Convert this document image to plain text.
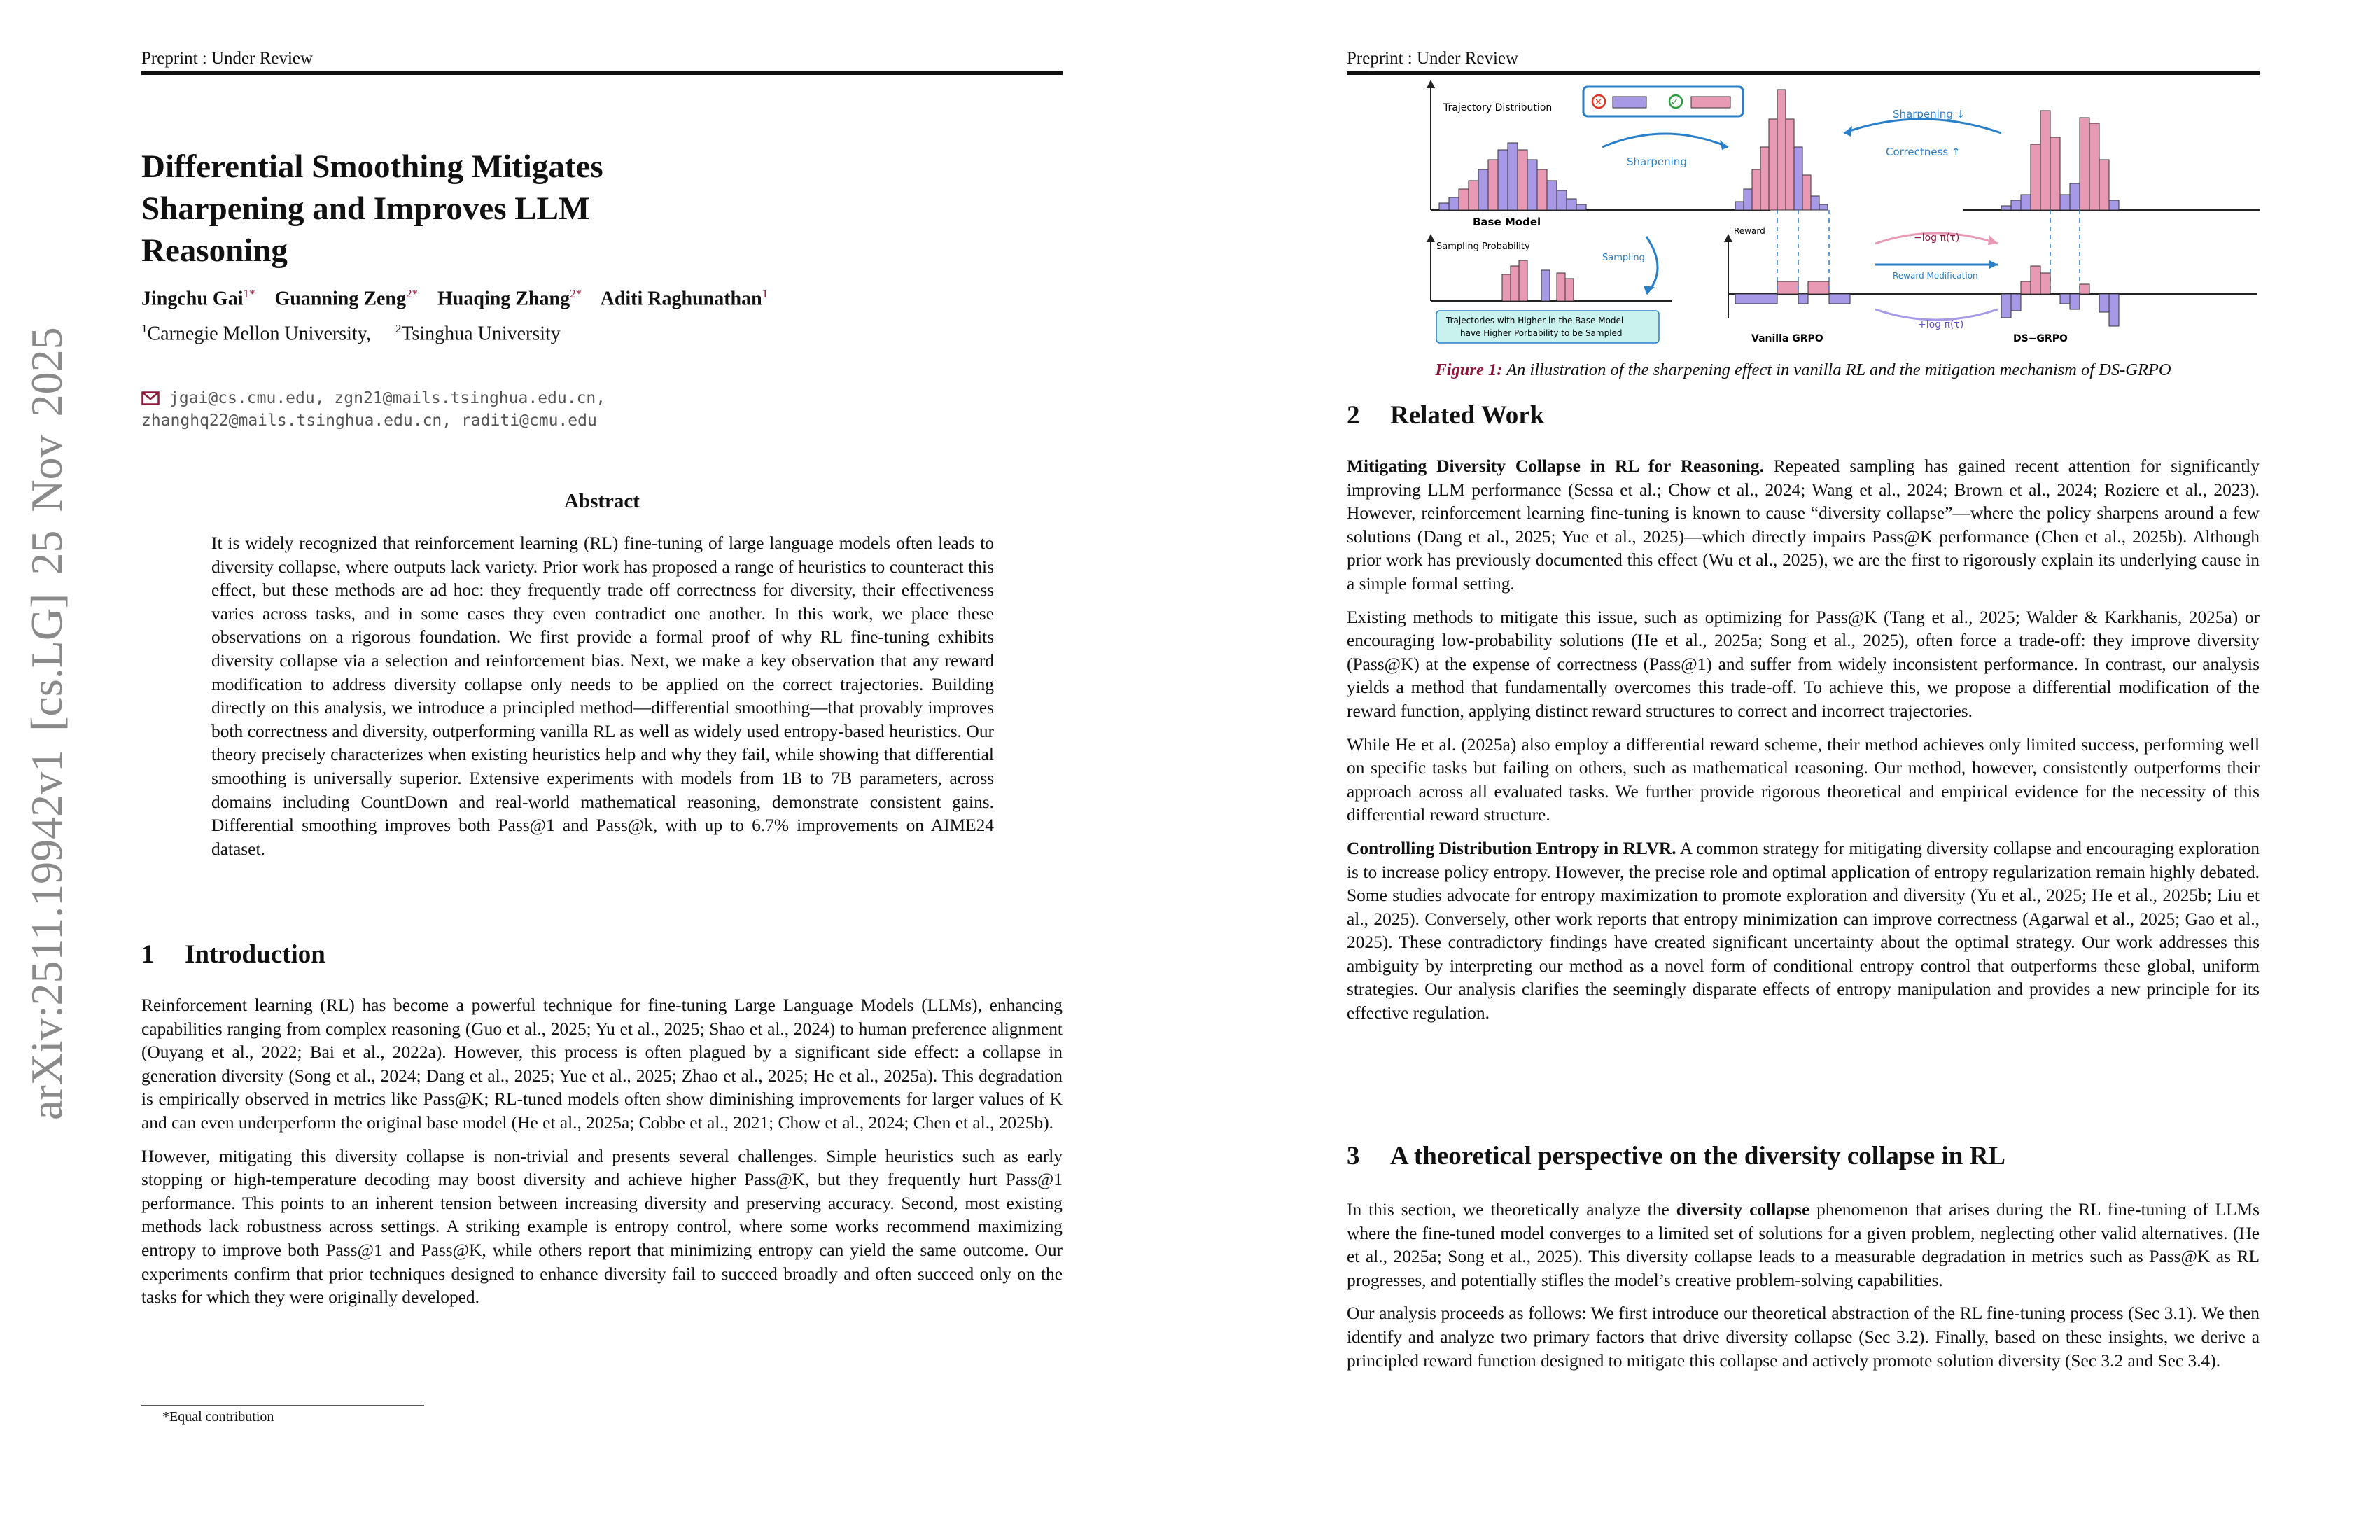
arXiv:2511.19942v1 [cs.LG] 25 Nov 2025
Preprint : Under Review
Differential Smoothing Mitigates
Sharpening and Improves LLM
Reasoning
Jingchu Gai$^{1*}$ Guanning Zeng$^{2*}$ Huaqing Zhang$^{2*}$ Aditi Raghunathan$^1$
$^1$Carnegie Mellon University, $^2$Tsinghua University
jgai@cs.cmu.edu, zgn21@mails.tsinghua.edu.cn,
zhanghq22@mails.tsinghua.edu.cn, raditi@cmu.edu
Abstract

It is widely recognized that reinforcement learning (RL) fine-tuning of large language models often leads to diversity collapse, where outputs lack variety. Prior work has proposed a range of heuristics to counteract this effect, but these methods are ad hoc: they frequently trade off correctness for diversity, their effectiveness varies across tasks, and in some cases they even contradict one another. In this work, we place these observations on a rigorous foundation. We first provide a formal proof of why RL fine-tuning exhibits diversity collapse via a selection and reinforcement bias. Next, we make a key observation that any reward modification to address diversity collapse only needs to be applied on the correct trajectories. Building directly on this analysis, we introduce a principled method—differential smoothing—that provably improves both correctness and diversity, outperforming vanilla RL as well as widely used entropy-based heuristics. Our theory precisely characterizes when existing heuristics help and why they fail, while showing that differential smoothing is universally superior. Extensive experiments with models from 1B to 7B parameters, across domains including CountDown and real-world mathematical reasoning, demonstrate consistent gains. Differential smoothing improves both Pass@1 and Pass@k, with up to 6.7% improvements on AIME24 dataset.

1 Introduction

Reinforcement learning (RL) has become a powerful technique for fine-tuning Large Language Models (LLMs), enhancing capabilities ranging from complex reasoning (Guo et al., 2025; Yu et al., 2025; Shao et al., 2024) to human preference alignment (Ouyang et al., 2022; Bai et al., 2022a). However, this process is often plagued by a significant side effect: a collapse in generation diversity (Song et al., 2024; Dang et al., 2025; Yue et al., 2025; Zhao et al., 2025; He et al., 2025a). This degradation is empirically observed in metrics like Pass@K; RL-tuned models often show diminishing improvements for larger values of K and can even underperform the original base model (He et al., 2025a; Cobbe et al., 2021; Chow et al., 2024; Chen et al., 2025b).

However, mitigating this diversity collapse is non-trivial and presents several challenges. Simple heuristics such as early stopping or high-temperature decoding may boost diversity and achieve higher Pass@K, but they frequently hurt Pass@1 performance. This points to an inherent tension between increasing diversity and preserving accuracy. Second, most existing methods lack robustness across settings. A striking example is entropy control, where some works recommend maximizing entropy to improve both Pass@1 and Pass@K, while others report that minimizing entropy can yield the same outcome. Our experiments confirm that prior techniques designed to enhance diversity fail to succeed broadly and often succeed only on the tasks for which they were originally developed.

*Equal contribution
Preprint : Under Review
Trajectory Distribution	✕	✓
Base Model
Sharpening
Sharpening ↓
Correctness ↑
Sampling Probability
Sampling
Trajectories with Higher in the Base Model
have Higher Porbability to be Sampled
Reward
Vanilla GRPO
−log π(τ)
Reward Modification
+log π(τ)
DS−GRPO
Figure 1: An illustration of the sharpening effect in vanilla RL and the mitigation mechanism of DS-GRPO
2 Related Work

Mitigating Diversity Collapse in RL for Reasoning. Repeated sampling has gained recent attention for significantly improving LLM performance (Sessa et al.; Chow et al., 2024; Wang et al., 2024; Brown et al., 2024; Roziere et al., 2023). However, reinforcement learning fine-tuning is known to cause “diversity collapse”—where the policy sharpens around a few solutions (Dang et al., 2025; Yue et al., 2025)—which directly impairs Pass@K performance (Chen et al., 2025b). Although prior work has previously documented this effect (Wu et al., 2025), we are the first to rigorously explain its underlying cause in a simple formal setting.

Existing methods to mitigate this issue, such as optimizing for Pass@K (Tang et al., 2025; Walder & Karkhanis, 2025a) or encouraging low-probability solutions (He et al., 2025a; Song et al., 2025), often force a trade-off: they improve diversity (Pass@K) at the expense of correctness (Pass@1) and suffer from widely inconsistent performance. In contrast, our analysis yields a method that fundamentally overcomes this trade-off. To achieve this, we propose a differential modification of the reward function, applying distinct reward structures to correct and incorrect trajectories.

While He et al. (2025a) also employ a differential reward scheme, their method achieves only limited success, performing well on specific tasks but failing on others, such as mathematical reasoning. Our method, however, consistently outperforms their approach across all evaluated tasks. We further provide rigorous theoretical and empirical evidence for the necessity of this differential reward structure.

Controlling Distribution Entropy in RLVR. A common strategy for mitigating diversity collapse and encouraging exploration is to increase policy entropy. However, the precise role and optimal application of entropy regularization remain highly debated. Some studies advocate for entropy maximization to promote exploration and diversity (Yu et al., 2025; He et al., 2025b; Liu et al., 2025). Conversely, other work reports that entropy minimization can improve correctness (Agarwal et al., 2025; Gao et al., 2025). These contradictory findings have created significant uncertainty about the optimal strategy. Our work addresses this ambiguity by interpreting our method as a novel form of conditional entropy control that outperforms these global, uniform strategies. Our analysis clarifies the seemingly disparate effects of entropy manipulation and provides a new principle for its effective regulation.

3 A theoretical perspective on the diversity collapse in RL

In this section, we theoretically analyze the diversity collapse phenomenon that arises during the RL fine-tuning of LLMs where the fine-tuned model converges to a limited set of solutions for a given problem, neglecting other valid alternatives. (He et al., 2025a; Song et al., 2025). This diversity collapse leads to a measurable degradation in metrics such as Pass@K as RL progresses, and potentially stifles the model’s creative problem-solving capabilities.

Our analysis proceeds as follows: We first introduce our theoretical abstraction of the RL fine-tuning process (Sec 3.1). We then identify and analyze two primary factors that drive diversity collapse (Sec 3.2). Finally, based on these insights, we derive a principled reward function designed to mitigate this collapse and actively promote solution diversity (Sec 3.2 and Sec 3.4).
